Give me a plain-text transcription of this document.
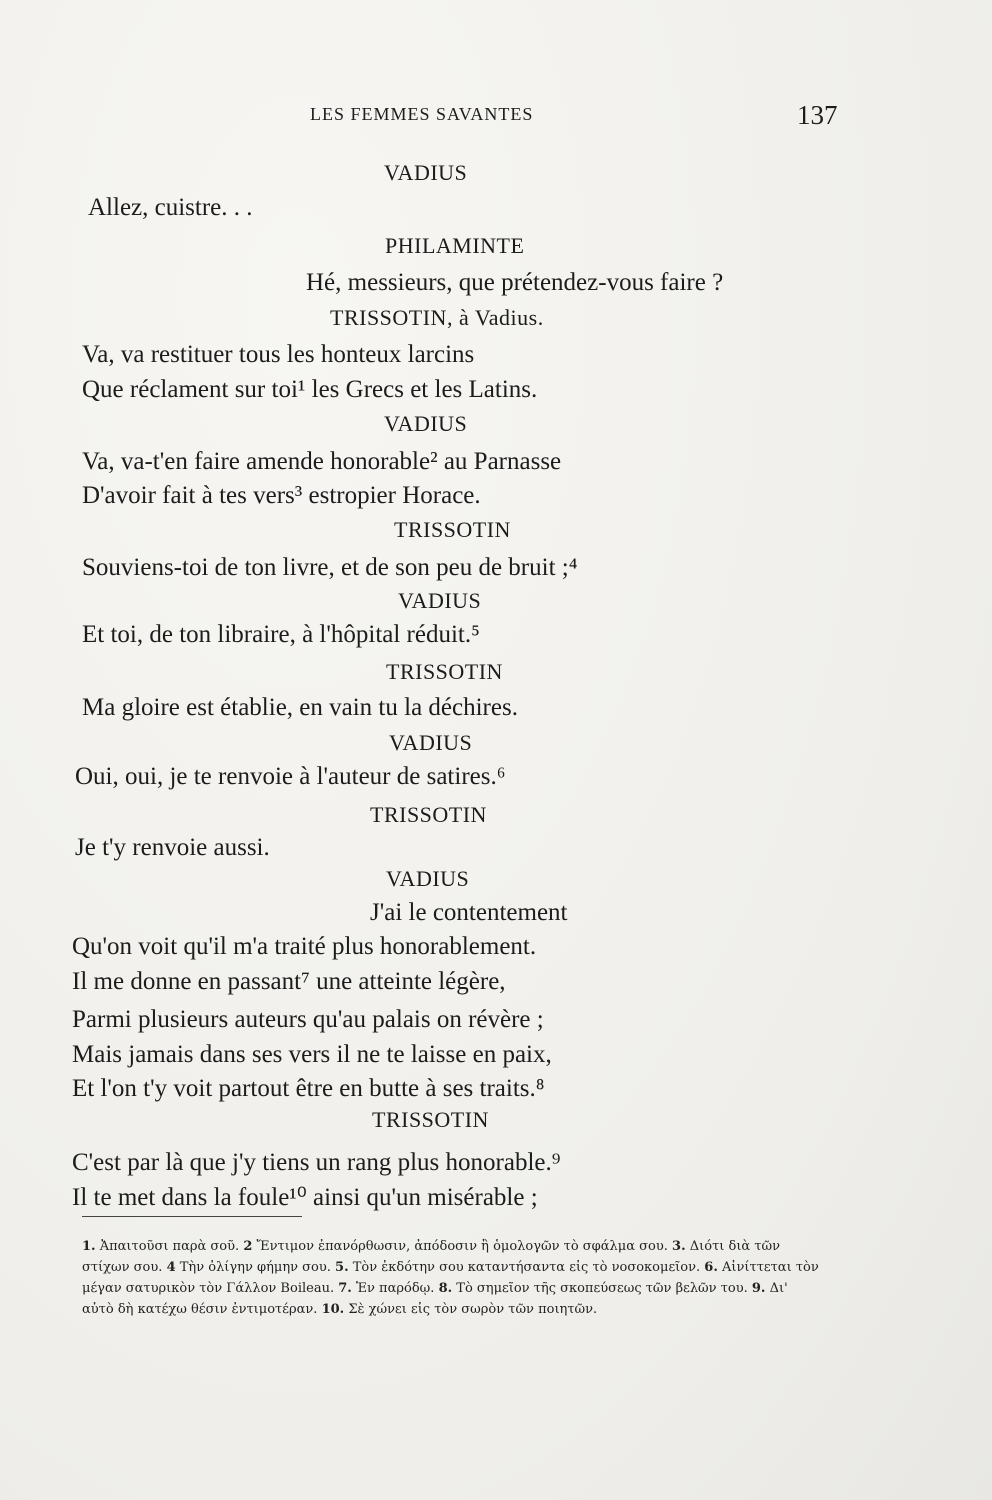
LES FEMMES SAVANTES	137
VADIUS
Allez, cuistre. . .
PHILAMINTE
Hé, messieurs, que prétendez-vous faire ?
TRISSOTIN, à Vadius.
Va, va restituer tous les honteux larcins
Que réclament sur toi¹ les Grecs et les Latins.
VADIUS
Va, va-t'en faire amende honorable² au Parnasse
D'avoir fait à tes vers³ estropier Horace.
TRISSOTIN
Souviens-toi de ton livre, et de son peu de bruit ;⁴
VADIUS
Et toi, de ton libraire, à l'hôpital réduit.⁵
TRISSOTIN
Ma gloire est établie, en vain tu la déchires.
VADIUS
Oui, oui, je te renvoie à l'auteur de satires.⁶
TRISSOTIN
Je t'y renvoie aussi.
VADIUS
J'ai le contentement
Qu'on voit qu'il m'a traité plus honorablement.
Il me donne en passant⁷ une atteinte légère,
Parmi plusieurs auteurs qu'au palais on révère ;
Mais jamais dans ses vers il ne te laisse en paix,
Et l'on t'y voit partout être en butte à ses traits.⁸
TRISSOTIN
C'est par là que j'y tiens un rang plus honorable.⁹
Il te met dans la foule¹⁰ ainsi qu'un misérable ;
1. Ἀπαιτοῦσι παρὰ σοῦ. 2 Ἔντιμον ἐπανόρθωσιν, ἀπόδοσιν ἢ ὁμολογῶν τὸ σφάλμα σου. 3. Διότι διὰ τῶν στίχων σου. 4 Τὴν ὀλίγην φήμην σου. 5. Τὸν ἐκδότην σου καταντήσαντα εἰς τὸ νοσοκομεῖον. 6. Αἰνίττεται τὸν μέγαν σατυρικὸν τὸν Γάλλον Boileau. 7. Ἐν παρόδῳ. 8. Τὸ σημεῖον τῆς σκοπεύσεως τῶν βελῶν του. 9. Δι' αὐτὸ δὴ κατέχω θέσιν ἐντιμοτέραν. 10. Σὲ χώνει εἰς τὸν σωρὸν τῶν ποιητῶν.
